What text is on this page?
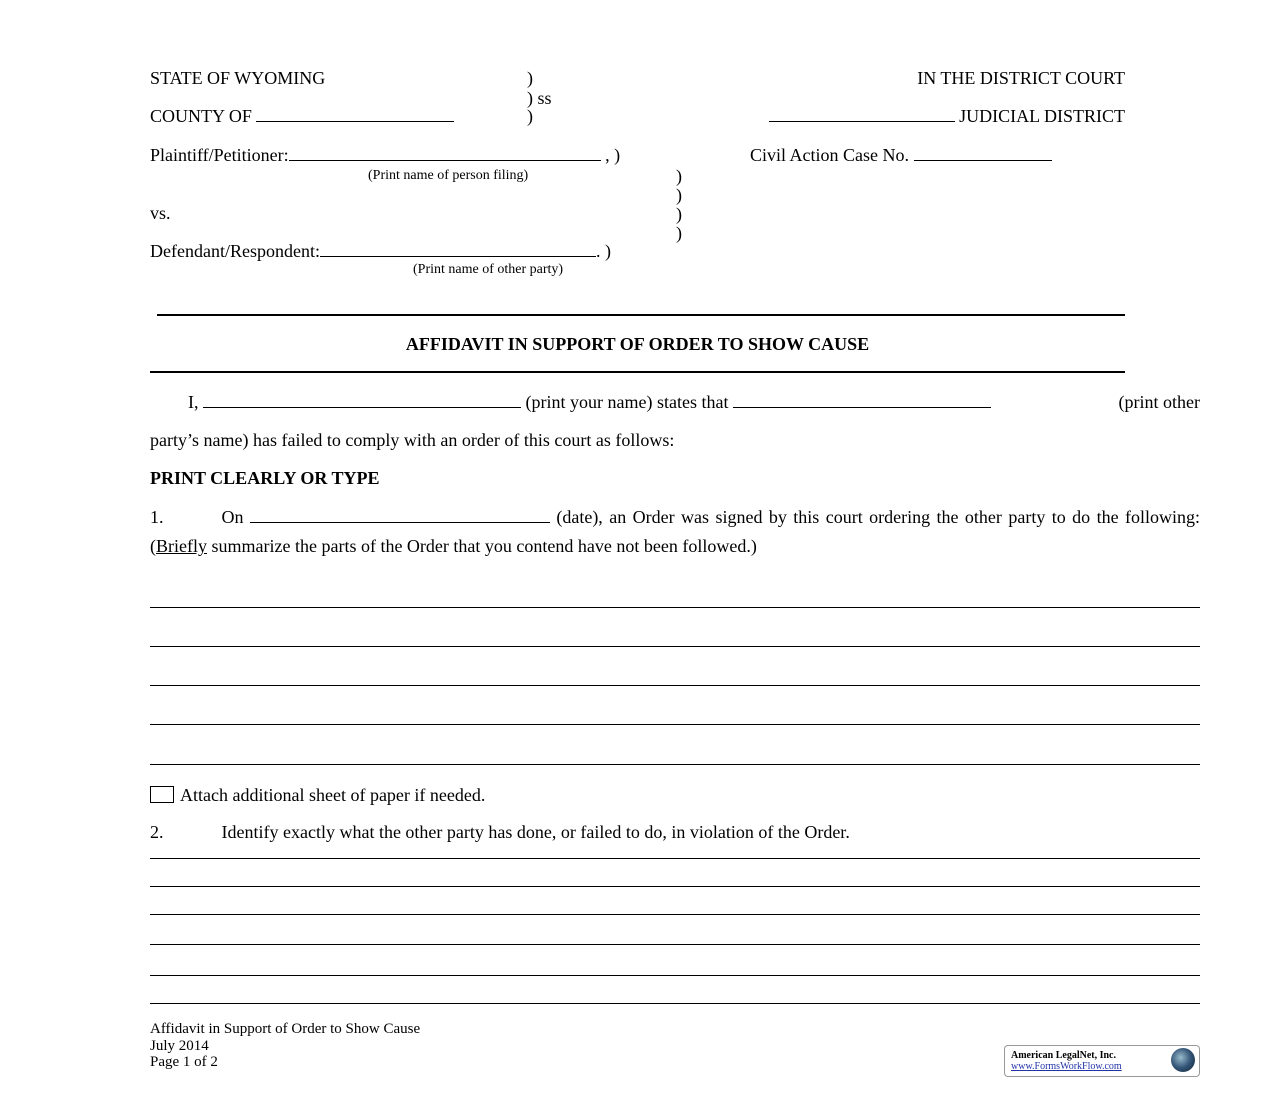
STATE OF WYOMING	)
) ss
COUNTY OF	)
IN THE DISTRICT COURT
JUDICIAL DISTRICT
Plaintiff/Petitioner:	, )
(Print name of person filing)	)
)
vs.	)
)
Defendant/Respondent:	. )
(Print name of other party)
Civil Action Case No.
AFFIDAVIT IN SUPPORT OF ORDER TO SHOW CAUSE
I,	(print your name) states that	(print other
party’s name) has failed to comply with an order of this court as follows:
PRINT CLEARLY OR TYPE
1.	On	(date), an Order was signed by this court ordering the other party to do the following: (Briefly summarize the parts of the Order that you contend have not been followed.)
Attach additional sheet of paper if needed.
2.	Identify exactly what the other party has done, or failed to do, in violation of the Order.
Affidavit in Support of Order to Show Cause
July 2014
Page 1 of 2	American LegalNet, Inc.
www.FormsWorkFlow.com
